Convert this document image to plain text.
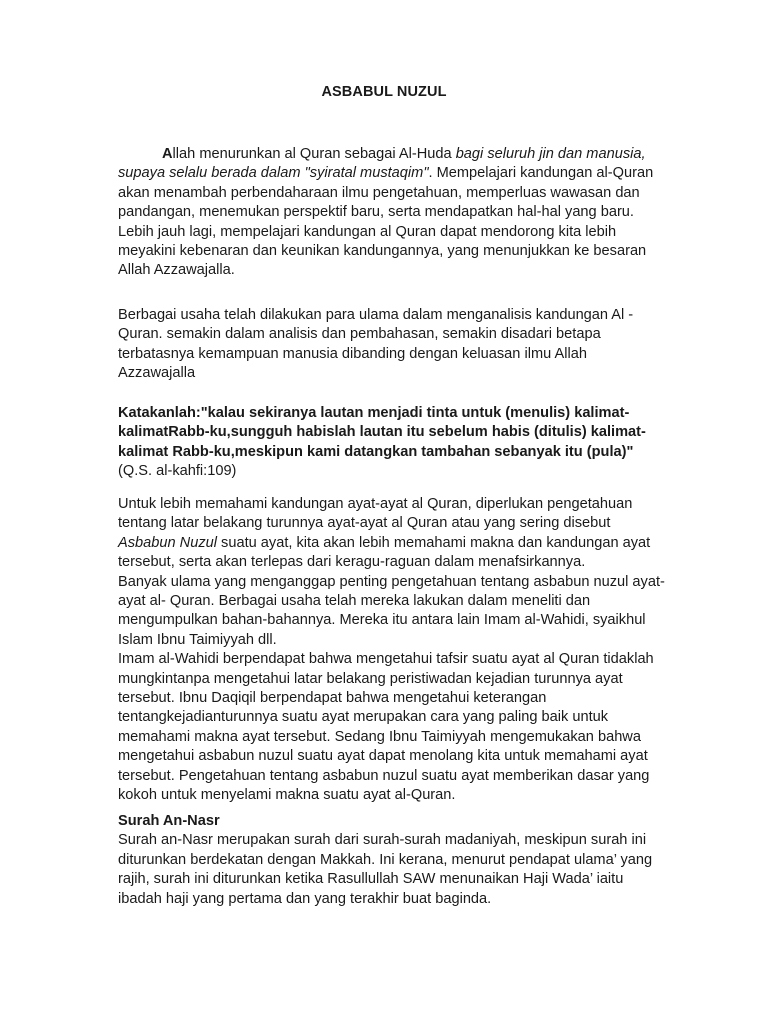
ASBABUL NUZUL
Allah menurunkan al Quran sebagai Al-Huda bagi seluruh jin dan manusia,
supaya selalu berada dalam "syiratal mustaqim". Mempelajari kandungan al-Quran
akan menambah perbendaharaan ilmu pengetahuan, memperluas wawasan dan
pandangan, menemukan perspektif baru, serta mendapatkan hal-hal yang baru.
Lebih jauh lagi, mempelajari kandungan al Quran dapat mendorong kita lebih
meyakini kebenaran dan keunikan kandungannya, yang menunjukkan ke besaran
Allah Azzawajalla.
Berbagai usaha telah dilakukan para ulama dalam menganalisis kandungan Al -
Quran. semakin dalam analisis dan pembahasan, semakin disadari betapa
terbatasnya kemampuan manusia dibanding dengan keluasan ilmu Allah
Azzawajalla
Katakanlah:"kalau sekiranya lautan menjadi tinta untuk (menulis) kalimat-
kalimatRabb-ku,sungguh habislah lautan itu sebelum habis (ditulis) kalimat-
kalimat Rabb-ku,meskipun kami datangkan tambahan sebanyak itu (pula)"
(Q.S. al-kahfi:109)
Untuk lebih memahami kandungan ayat-ayat al Quran, diperlukan pengetahuan
tentang latar belakang turunnya ayat-ayat al Quran atau yang sering disebut
Asbabun Nuzul suatu ayat, kita akan lebih memahami makna dan kandungan ayat
tersebut, serta akan terlepas dari keragu-raguan dalam menafsirkannya.
Banyak ulama yang menganggap penting pengetahuan tentang asbabun nuzul ayat-
ayat al- Quran. Berbagai usaha telah mereka lakukan dalam meneliti dan
mengumpulkan bahan-bahannya. Mereka itu antara lain Imam al-Wahidi, syaikhul
Islam Ibnu Taimiyyah dll.
Imam al-Wahidi berpendapat bahwa mengetahui tafsir suatu ayat al Quran tidaklah
mungkintanpa mengetahui latar belakang peristiwadan kejadian turunnya ayat
tersebut. Ibnu Daqiqil berpendapat bahwa mengetahui keterangan
tentangkejadianturunnya suatu ayat merupakan cara yang paling baik untuk
memahami makna ayat tersebut. Sedang Ibnu Taimiyyah mengemukakan bahwa
mengetahui asbabun nuzul suatu ayat dapat menolang kita untuk memahami ayat
tersebut. Pengetahuan tentang asbabun nuzul suatu ayat memberikan dasar yang
kokoh untuk menyelami makna suatu ayat al-Quran.
Surah An-Nasr
Surah an-Nasr merupakan surah dari surah-surah madaniyah, meskipun surah ini
diturunkan berdekatan dengan Makkah. Ini kerana, menurut pendapat ulama’ yang
rajih, surah ini diturunkan ketika Rasullullah SAW menunaikan Haji Wada’ iaitu
ibadah haji yang pertama dan yang terakhir buat baginda.
